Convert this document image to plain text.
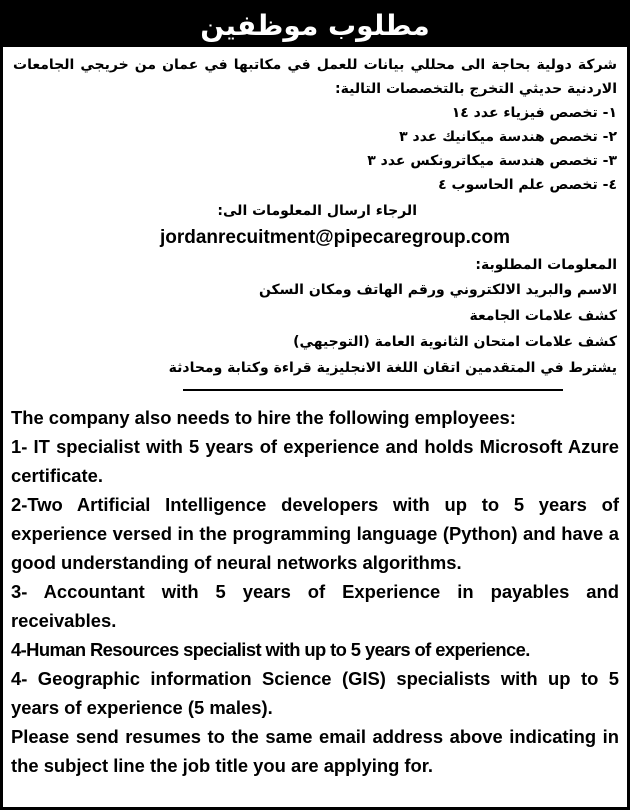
مطلوب موظفين

شركة دولية بحاجة الى محللي بيانات للعمل في مكاتبها في عمان من خريجي الجامعات الاردنية حديثي التخرج بالتخصصات التالية:

١- تخصص فيزياء عدد ١٤

٢- تخصص هندسة ميكانيك عدد ٣

٣- تخصص هندسة ميكاترونكس عدد ٣

٤- تخصص علم الحاسوب ٤

الرجاء ارسال المعلومات الى:

jordanrecuitment@pipecaregroup.com

المعلومات المطلوبة:

الاسم والبريد الالكتروني ورقم الهاتف ومكان السكن

كشف علامات الجامعة

كشف علامات امتحان الثانوية العامة (التوجيهي)

يشترط في المتقدمين اتقان اللغة الانجليزية قراءة وكتابة ومحادثة

The company also needs to hire the following employees:

1- IT specialist with 5 years of experience and holds Microsoft Azure certificate.

2-Two Artificial Intelligence developers with up to 5 years of experience versed in the programming language (Python) and have a good understanding of neural networks algorithms.

3- Accountant with 5 years of Experience in payables and receivables.

4-Human Resources specialist with up to 5 years of experience.

4- Geographic information Science (GIS) specialists with up to 5 years of experience (5 males).

Please send resumes to the same email address above indicating in the subject line the job title you are applying for.
